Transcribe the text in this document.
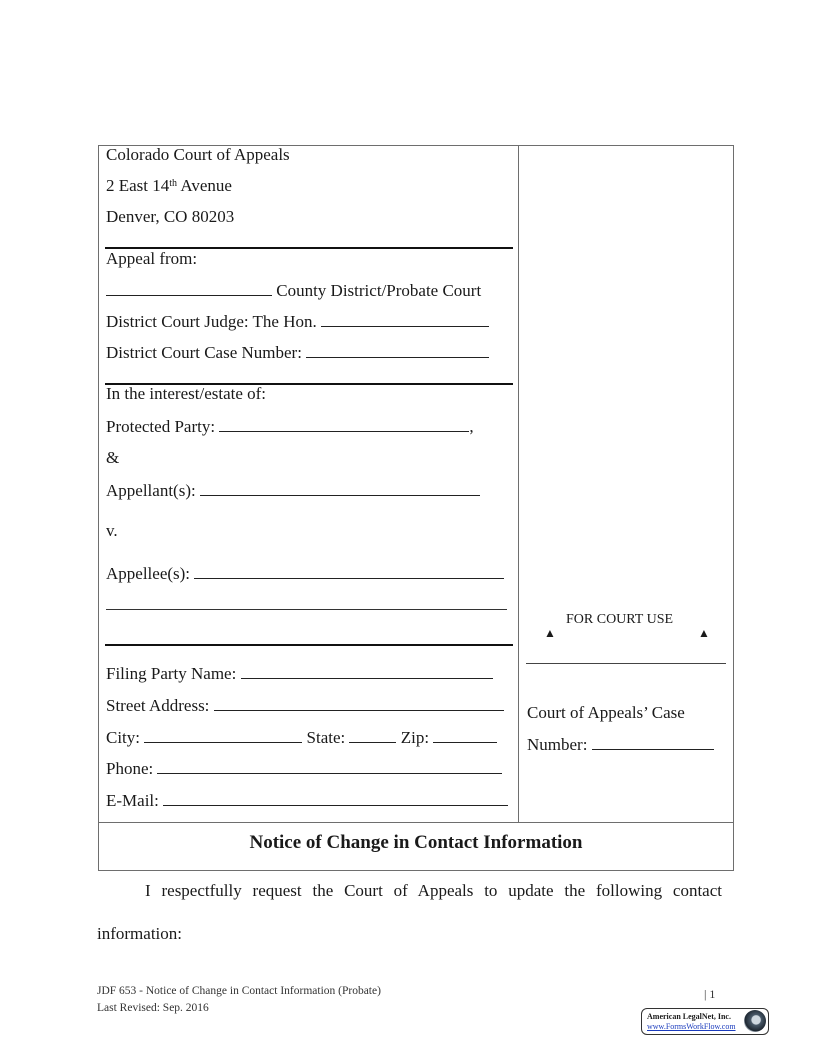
Colorado Court of Appeals
2 East 14th Avenue
Denver, CO 80203
Appeal from:
County District/Probate Court
District Court Judge: The Hon.
District Court Case Number:
In the interest/estate of:
Protected Party:	,
&
Appellant(s):
v.
Appellee(s):
Filing Party Name:
Street Address:
City:	State:	Zip:
Phone:
E-Mail:
▲
FOR COURT USE
▲
Court of Appeals’ Case
Number:
Notice of Change in Contact Information
I respectfully request the Court of Appeals to update the following contact
information:
JDF 653 - Notice of Change in Contact Information (Probate)
Last Revised: Sep. 2016
| 1
American LegalNet, Inc.
www.FormsWorkFlow.com
